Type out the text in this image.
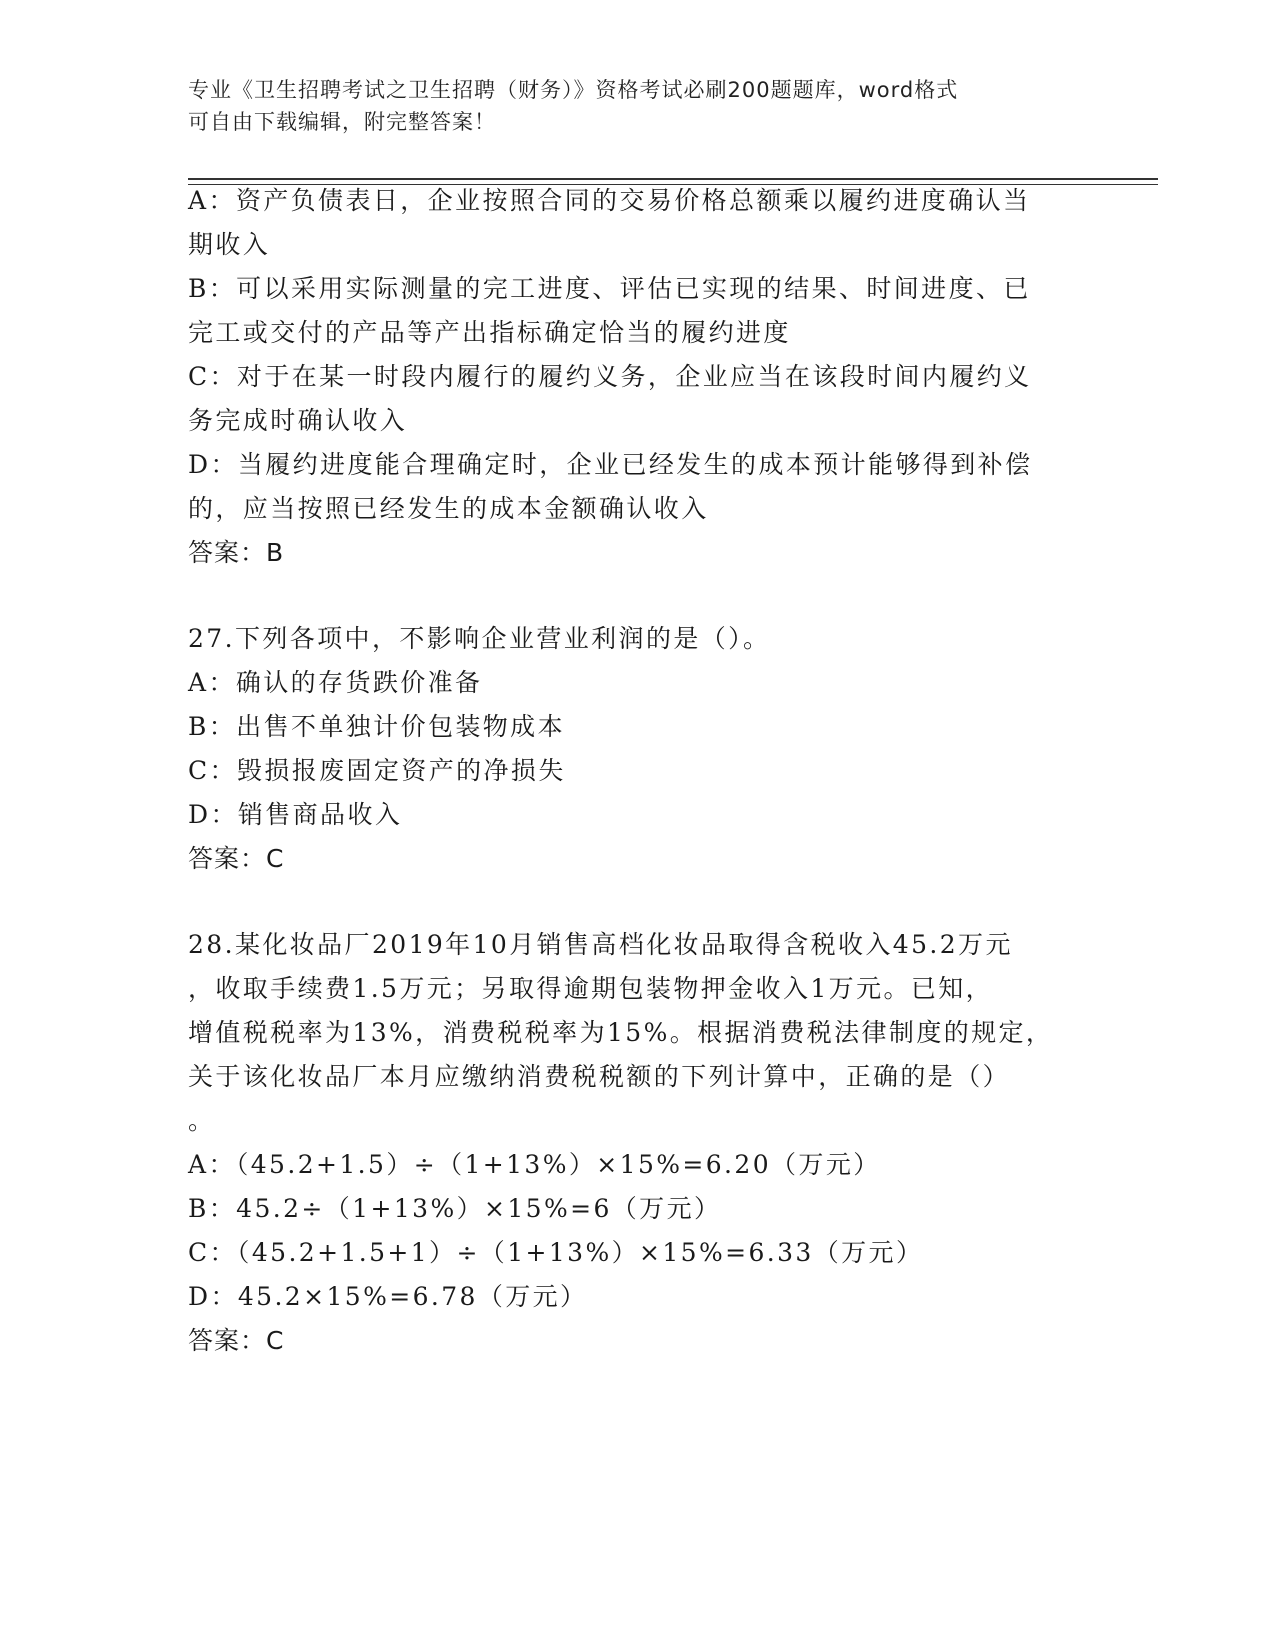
专业《卫生招聘考试之卫生招聘（财务）》资格考试必刷200题题库，word格式
可自由下载编辑，附完整答案！
A：资产负债表日，企业按照合同的交易价格总额乘以履约进度确认当
期收入
B：可以采用实际测量的完工进度、评估已实现的结果、时间进度、已
完工或交付的产品等产出指标确定恰当的履约进度
C：对于在某一时段内履行的履约义务，企业应当在该段时间内履约义
务完成时确认收入
D：当履约进度能合理确定时，企业已经发生的成本预计能够得到补偿
的，应当按照已经发生的成本金额确认收入
答案：B
27.下列各项中，不影响企业营业利润的是（）。
A：确认的存货跌价准备
B：出售不单独计价包装物成本
C：毁损报废固定资产的净损失
D：销售商品收入
答案：C
28.某化妆品厂2019年10月销售高档化妆品取得含税收入45.2万元
，收取手续费1.5万元；另取得逾期包装物押金收入1万元。已知，
增值税税率为13%，消费税税率为15%。根据消费税法律制度的规定，
关于该化妆品厂本月应缴纳消费税税额的下列计算中，正确的是（）
。
A：（45.2+1.5）÷（1+13%）×15%=6.20（万元）
B：45.2÷（1+13%）×15%=6（万元）
C：（45.2+1.5+1）÷（1+13%）×15%=6.33（万元）
D：45.2×15%=6.78（万元）
答案：C
